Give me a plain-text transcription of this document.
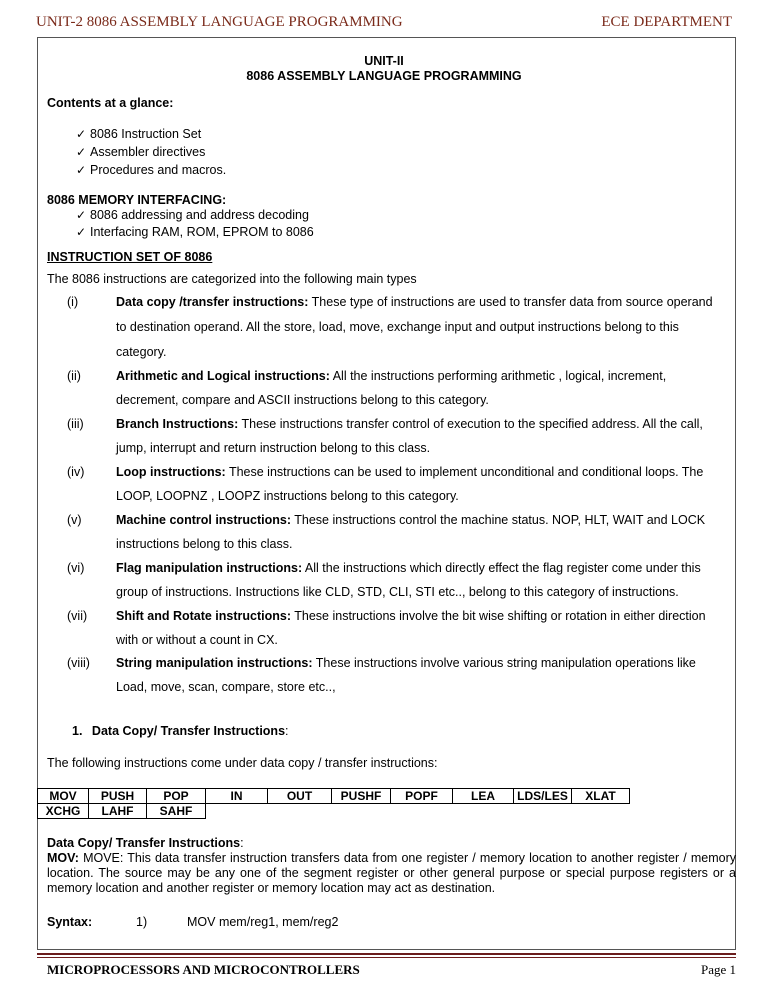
UNIT-2 8086 ASSEMBLY LANGUAGE PROGRAMMING	ECE DEPARTMENT
UNIT-II
8086 ASSEMBLY LANGUAGE PROGRAMMING
Contents at a glance:
✓ 8086 Instruction Set
✓ Assembler directives
✓ Procedures and macros.
8086 MEMORY INTERFACING:
✓ 8086 addressing and address decoding
✓ Interfacing RAM, ROM, EPROM to 8086
INSTRUCTION SET OF 8086
The 8086 instructions are categorized into the following main types
(i)	Data copy /transfer instructions: These type of instructions are used to transfer data from source operand
to destination operand. All the store, load, move, exchange input and output instructions belong to this
category.
(ii)	Arithmetic and Logical instructions: All the instructions performing arithmetic , logical, increment,
decrement, compare and ASCII instructions belong to this category.
(iii)	Branch Instructions: These instructions transfer control of execution to the specified address. All the call,
jump, interrupt and return instruction belong to this class.
(iv)	Loop instructions: These instructions can be used to implement unconditional and conditional loops. The
LOOP, LOOPNZ , LOOPZ instructions belong to this category.
(v)	Machine control instructions: These instructions control the machine status. NOP, HLT, WAIT and LOCK
instructions belong to this class.
(vi)	Flag manipulation instructions: All the instructions which directly effect the flag register come under this
group of instructions. Instructions like CLD, STD, CLI, STI etc.., belong to this category of instructions.
(vii) Shift and Rotate instructions: These instructions involve the bit wise shifting or rotation in either direction
with or without a count in CX.
(viii) String manipulation instructions: These instructions involve various string manipulation operations like
Load, move, scan, compare, store etc..,
1. Data Copy/ Transfer Instructions:
The following instructions come under data copy / transfer instructions:
MOV	PUSH	POP	IN	OUT	PUSHF	POPF	LEA	LDS/LES	XLAT
XCHG	LAHF	SAHF							
Data Copy/ Transfer Instructions:
MOV: MOVE: This data transfer instruction transfers data from one register / memory location to another register / memory location. The source may be any one of the segment register or other general purpose or special purpose registers or a memory location and another register or memory location may act as destination.
Syntax:	1)	MOV mem/reg1, mem/reg2
MICROPROCESSORS AND MICROCONTROLLERS	Page 1
